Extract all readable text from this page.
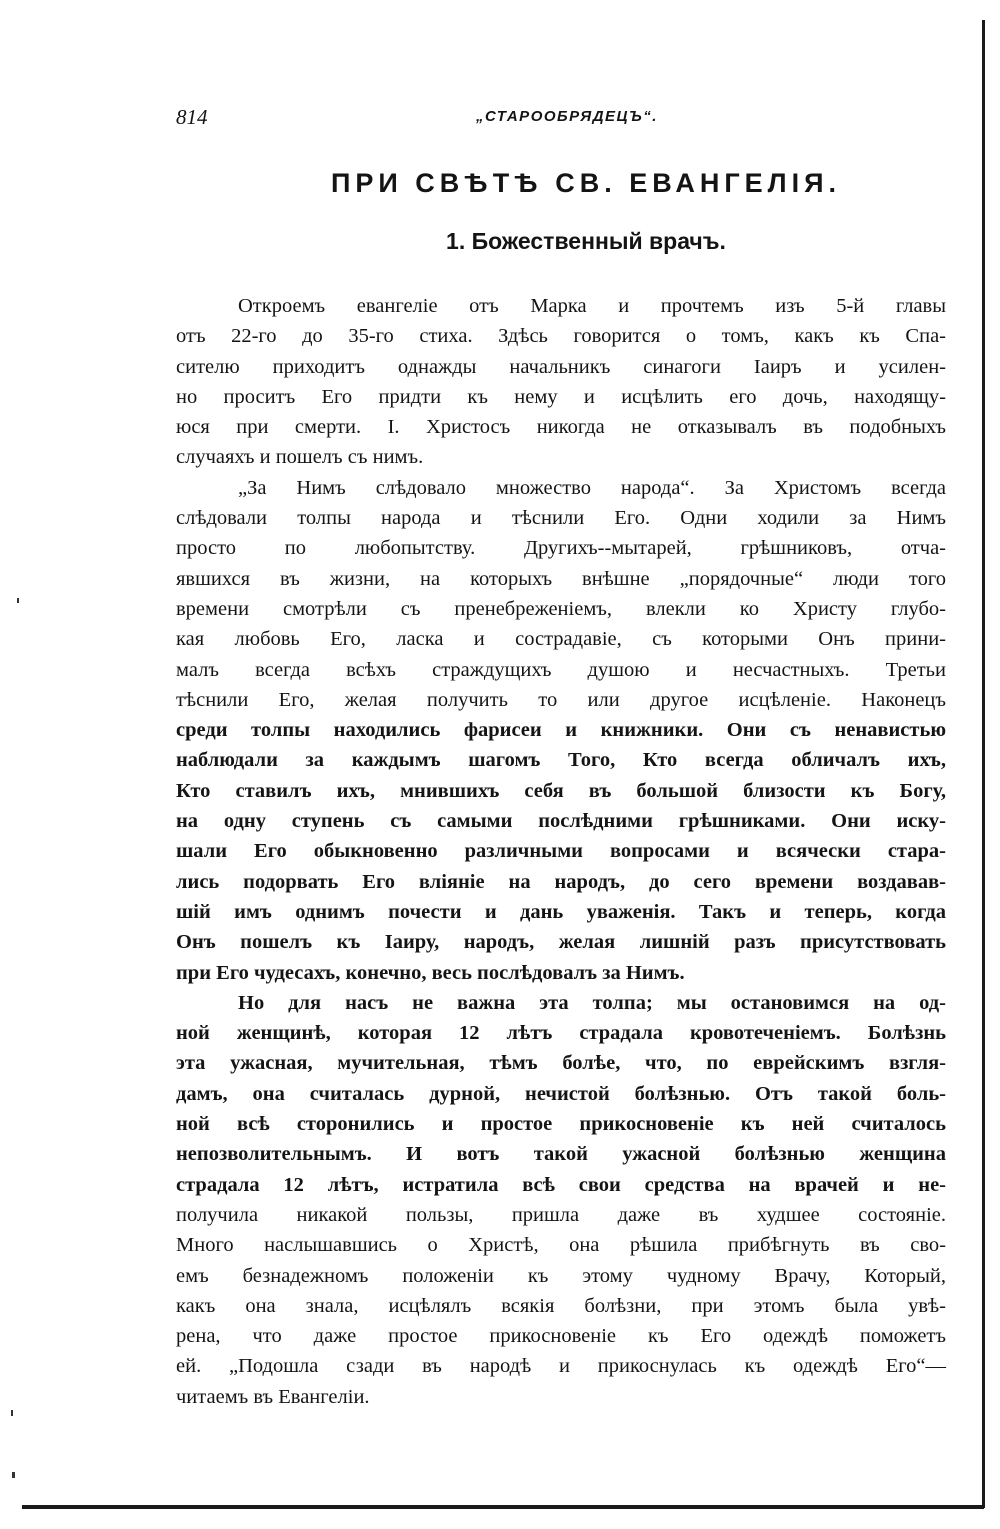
814	„СТАРООБРЯДЕЦЪ“.
ПРИ СВѢТѢ СВ. ЕВАНГЕЛІЯ.
1. Божественный врачъ.
Откроемъ евангеліе отъ Марка и прочтемъ изъ 5-й главы
отъ 22-го до 35-го стиха. Здѣсь говорится о томъ, какъ къ Спа-
сителю приходитъ однажды начальникъ синагоги Іаиръ и усилен-
но проситъ Его придти къ нему и исцѣлить его дочь, находящу-
юся при смерти. І. Христосъ никогда не отказывалъ въ подобныхъ
случаяхъ и пошелъ съ нимъ.
„За Нимъ слѣдовало множество народа“. За Христомъ всегда
слѣдовали толпы народа и тѣснили Его. Одни ходили за Нимъ
просто по любопытству. Другихъ--мытарей, грѣшниковъ, отча-
явшихся въ жизни, на которыхъ внѣшне „порядочные“ люди того
времени смотрѣли съ пренебреженіемъ, влекли ко Христу глубо-
кая любовь Его, ласка и сострадавіе, съ которыми Онъ прини-
малъ всегда всѣхъ страждущихъ душою и несчастныхъ. Третьи
тѣснили Его, желая получить то или другое исцѣленіе. Наконецъ
среди толпы находились фарисеи и книжники. Они съ ненавистью
наблюдали за каждымъ шагомъ Того, Кто всегда обличалъ ихъ,
Кто ставилъ ихъ, мнившихъ себя въ большой близости къ Богу,
на одну ступень съ самыми послѣдними грѣшниками. Они иску-
шали Его обыкновенно различными вопросами и всячески стара-
лись подорвать Его вліяніе на народъ, до сего времени воздавав-
шій имъ однимъ почести и дань уваженія. Такъ и теперь, когда
Онъ пошелъ къ Іаиру, народъ, желая лишній разъ присутствовать
при Его чудесахъ, конечно, весь послѣдовалъ за Нимъ.
Но для насъ не важна эта толпа; мы остановимся на од-
ной женщинѣ, которая 12 лѣтъ страдала кровотеченіемъ. Болѣзнь
эта ужасная, мучительная, тѣмъ болѣе, что, по еврейскимъ взгля-
дамъ, она считалась дурной, нечистой болѣзнью. Отъ такой боль-
ной всѣ сторонились и простое прикосновеніе къ ней считалось
непозволительнымъ. И вотъ такой ужасной болѣзнью женщина
страдала 12 лѣтъ, истратила всѣ свои средства на врачей и не-
получила никакой пользы, пришла даже въ худшее состояніе.
Много наслышавшись о Христѣ, она рѣшила прибѣгнуть въ сво-
емъ безнадежномъ положеніи къ этому чудному Врачу, Который,
какъ она знала, исцѣлялъ всякія болѣзни, при этомъ была увѣ-
рена, что даже простое прикосновеніе къ Его одеждѣ поможетъ
ей. „Подошла сзади въ народѣ и прикоснулась къ одеждѣ Его“—
читаемъ въ Евангеліи.
